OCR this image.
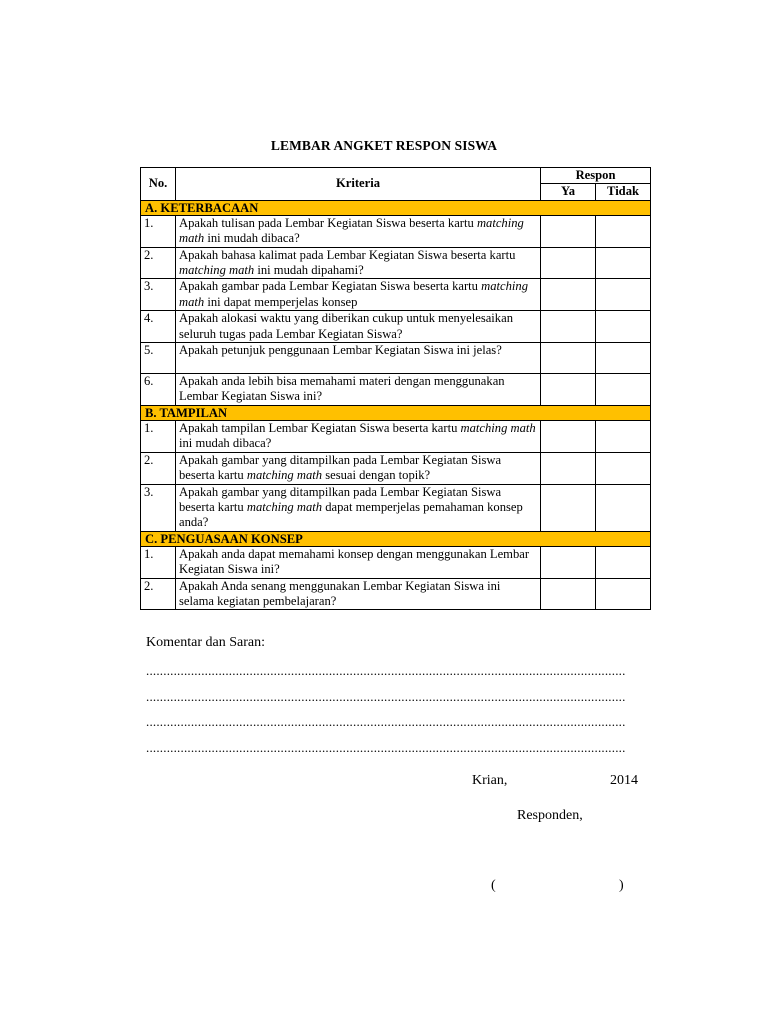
LEMBAR ANGKET RESPON SISWA
No.	Kriteria	Respon	
		Ya	Tidak
A. KETERBACAAN			
1.	Apakah tulisan pada Lembar Kegiatan Siswa beserta kartu matching math ini mudah dibaca?		
2.	Apakah bahasa kalimat pada Lembar Kegiatan Siswa beserta kartu matching math ini mudah dipahami?		
3.	Apakah gambar pada Lembar Kegiatan Siswa beserta kartu matching math ini dapat memperjelas konsep		
4.	Apakah alokasi waktu yang diberikan cukup untuk menyelesaikan seluruh tugas pada Lembar Kegiatan Siswa?		
5.	Apakah petunjuk penggunaan Lembar Kegiatan Siswa ini jelas?		
6.	Apakah anda lebih bisa memahami materi dengan menggunakan Lembar Kegiatan Siswa ini?		
B. TAMPILAN			
1.	Apakah tampilan Lembar Kegiatan Siswa beserta kartu matching math ini mudah dibaca?		
2.	Apakah gambar yang ditampilkan pada Lembar Kegiatan Siswa beserta kartu matching math sesuai dengan topik?		
3.	Apakah gambar yang ditampilkan pada Lembar Kegiatan Siswa beserta kartu matching math dapat memperjelas pemahaman konsep anda?		
C. PENGUASAAN KONSEP			
1.	Apakah anda dapat memahami konsep dengan menggunakan Lembar Kegiatan Siswa ini?		
2.	Apakah Anda senang menggunakan Lembar Kegiatan Siswa ini selama kegiatan pembelajaran?		
Komentar dan Saran:
...........................................................................................................................................
...........................................................................................................................................
...........................................................................................................................................
...........................................................................................................................................
Krian,	2014
Responden,
(	)
